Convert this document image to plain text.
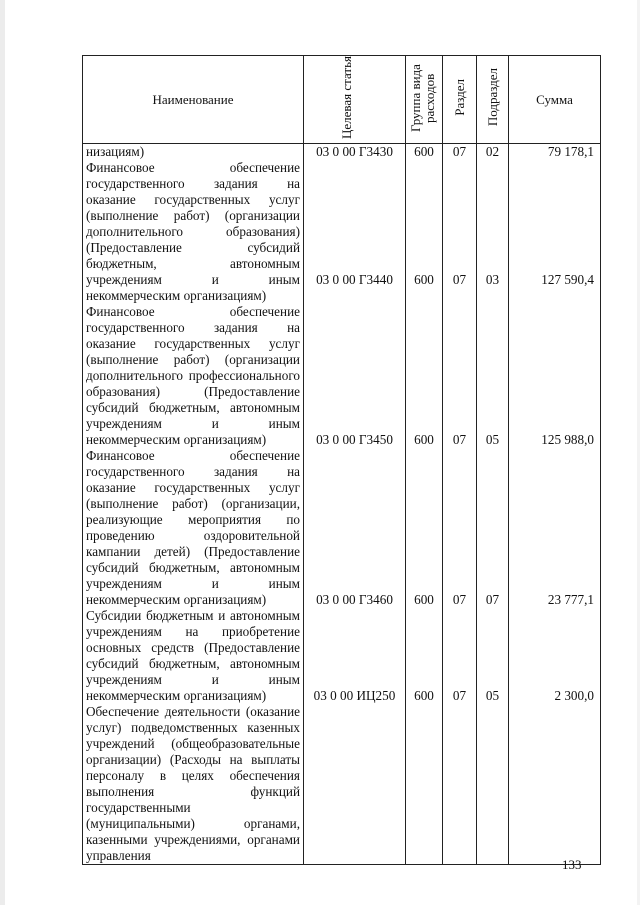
Наименование	Целевая статья	Группа вида расходов	Раздел	Подраздел	Сумма

низациям)	03 0 00 Г3430	600	07	02	79 178,1

Финансовое обеспечение государственного задания на оказание государственных услуг (выполнение работ) (организации дополнительного образования) (Предоставление субсидий бюджетным, автономным учреждениям и иным некоммерческим организациям)	03 0 00 Г3440	600	07	03	127 590,4

Финансовое обеспечение государственного задания на оказание государственных услуг (выполнение работ) (организации дополнительного профессионального образования) (Предоставление субсидий бюджетным, автономным учреждениям и иным некоммерческим организациям)	03 0 00 Г3450	600	07	05	125 988,0

Финансовое обеспечение государственного задания на оказание государственных услуг (выполнение работ) (организации, реализующие мероприятия по проведению оздоровительной кампании детей) (Предоставление субсидий бюджетным, автономным учреждениям и иным некоммерческим организациям)	03 0 00 Г3460	600	07	07	23 777,1

Субсидии бюджетным и автономным учреждениям на приобретение основных средств (Предоставление субсидий бюджетным, автономным учреждениям и иным некоммерческим организациям)	03 0 00 ИЦ250	600	07	05	2 300,0

Обеспечение деятельности (оказание услуг) подведомственных казенных учреждений (общеобразовательные организации) (Расходы на выплаты персоналу в целях обеспечения выполнения функций государственными (муниципальными) органами, казенными учреждениями, органами управления					

133
